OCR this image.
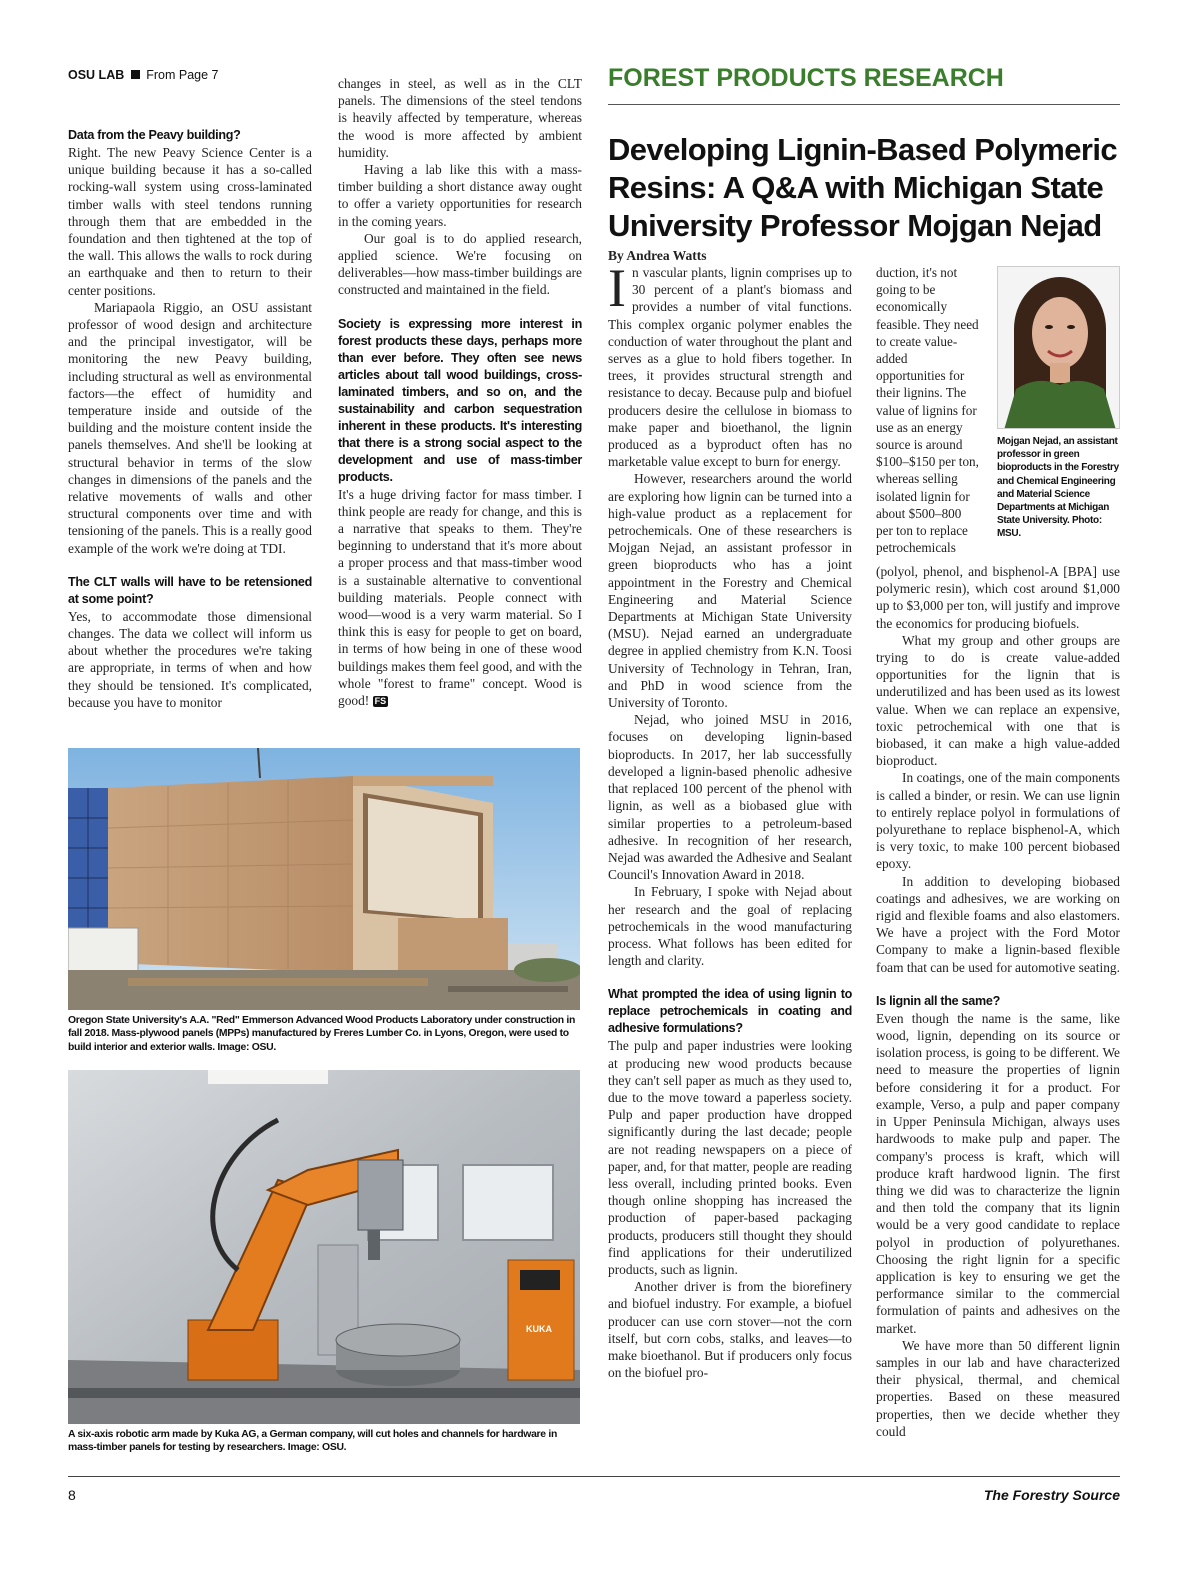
OSU LAB From Page 7
Data from the Peavy building?

Right. The new Peavy Science Center is a unique building because it has a so-called rocking-wall system using cross-laminated timber walls with steel tendons running through them that are embedded in the foundation and then tightened at the top of the wall. This allows the walls to rock during an earthquake and then to return to their center positions.

Mariapaola Riggio, an OSU assistant professor of wood design and architecture and the principal investigator, will be monitoring the new Peavy building, including structural as well as environmental factors—the effect of humidity and temperature inside and outside of the building and the moisture content inside the panels themselves. And she'll be looking at structural behavior in terms of the slow changes in dimensions of the panels and the relative movements of walls and other structural components over time and with tensioning of the panels. This is a really good example of the work we're doing at TDI.

The CLT walls will have to be retensioned at some point?

Yes, to accommodate those dimensional changes. The data we collect will inform us about whether the procedures we're taking are appropriate, in terms of when and how they should be tensioned. It's complicated, because you have to monitor

changes in steel, as well as in the CLT panels. The dimensions of the steel tendons is heavily affected by temperature, whereas the wood is more affected by ambient humidity.

Having a lab like this with a mass-timber building a short distance away ought to offer a variety opportunities for research in the coming years.

Our goal is to do applied research, applied science. We're focusing on deliverables—how mass-timber buildings are constructed and maintained in the field.

Society is expressing more interest in forest products these days, perhaps more than ever before. They often see news articles about tall wood buildings, cross-laminated timbers, and so on, and the sustainability and carbon sequestration inherent in these products. It's interesting that there is a strong social aspect to the development and use of mass-timber products.

It's a huge driving factor for mass timber. I think people are ready for change, and this is a narrative that speaks to them. They're beginning to understand that it's more about a proper process and that mass-timber wood is a sustainable alternative to conventional building materials. People connect with wood—wood is a very warm material. So I think this is easy for people to get on board, in terms of how being in one of these wood buildings makes them feel good, and with the whole "forest to frame" concept. Wood is good! FS

Oregon State University's A.A. "Red" Emmerson Advanced Wood Products Laboratory under construction in fall 2018. Mass-plywood panels (MPPs) manufactured by Freres Lumber Co. in Lyons, Oregon, were used to build interior and exterior walls. Image: OSU.
KUKA
A six-axis robotic arm made by Kuka AG, a German company, will cut holes and channels for hardware in mass-timber panels for testing by researchers. Image: OSU.
FOREST PRODUCTS RESEARCH
Developing Lignin-Based Polymeric Resins: A Q&A with Michigan State University Professor Mojgan Nejad
By Andrea Watts

In vascular plants, lignin comprises up to 30 percent of a plant's biomass and provides a number of vital functions. This complex organic polymer enables the conduction of water throughout the plant and serves as a glue to hold fibers together. In trees, it provides structural strength and resistance to decay. Because pulp and biofuel producers desire the cellulose in biomass to make paper and bioethanol, the lignin produced as a byproduct often has no marketable value except to burn for energy.

However, researchers around the world are exploring how lignin can be turned into a high-value product as a replacement for petrochemicals. One of these researchers is Mojgan Nejad, an assistant professor in green bioproducts who has a joint appointment in the Forestry and Chemical Engineering and Material Science Departments at Michigan State University (MSU). Nejad earned an undergraduate degree in applied chemistry from K.N. Toosi University of Technology in Tehran, Iran, and PhD in wood science from the University of Toronto.

Nejad, who joined MSU in 2016, focuses on developing lignin-based bioproducts. In 2017, her lab successfully developed a lignin-based phenolic adhesive that replaced 100 percent of the phenol with lignin, as well as a biobased glue with similar properties to a petroleum-based adhesive. In recognition of her research, Nejad was awarded the Adhesive and Sealant Council's Innovation Award in 2018.

In February, I spoke with Nejad about her research and the goal of replacing petrochemicals in the wood manufacturing process. What follows has been edited for length and clarity.

What prompted the idea of using lignin to replace petrochemicals in coating and adhesive formulations?

The pulp and paper industries were looking at producing new wood products because they can't sell paper as much as they used to, due to the move toward a paperless society. Pulp and paper production have dropped significantly during the last decade; people are not reading newspapers on a piece of paper, and, for that matter, people are reading less overall, including printed books. Even though online shopping has increased the production of paper-based packaging products, producers still thought they should find applications for their underutilized products, such as lignin.

Another driver is from the biorefinery and biofuel industry. For example, a biofuel producer can use corn stover—not the corn itself, but corn cobs, stalks, and leaves—to make bioethanol. But if producers only focus on the biofuel pro-

duction, it's not going to be economically feasible. They need to create value-added opportunities for their lignins. The value of lignins for use as an energy source is around $100–$150 per ton, whereas selling isolated lignin for about $500–800 per ton to replace petrochemicals

Mojgan Nejad, an assistant professor in green bioproducts in the Forestry and Chemical Engineering and Material Science Departments at Michigan State University. Photo: MSU.

(polyol, phenol, and bisphenol-A [BPA] use polymeric resin), which cost around $1,000 up to $3,000 per ton, will justify and improve the economics for producing biofuels.

What my group and other groups are trying to do is create value-added opportunities for the lignin that is underutilized and has been used as its lowest value. When we can replace an expensive, toxic petrochemical with one that is biobased, it can make a high value-added bioproduct.

In coatings, one of the main components is called a binder, or resin. We can use lignin to entirely replace polyol in formulations of polyurethane to replace bisphenol-A, which is very toxic, to make 100 percent biobased epoxy.

In addition to developing biobased coatings and adhesives, we are working on rigid and flexible foams and also elastomers. We have a project with the Ford Motor Company to make a lignin-based flexible foam that can be used for automotive seating.

Is lignin all the same?

Even though the name is the same, like wood, lignin, depending on its source or isolation process, is going to be different. We need to measure the properties of lignin before considering it for a product. For example, Verso, a pulp and paper company in Upper Peninsula Michigan, always uses hardwoods to make pulp and paper. The company's process is kraft, which will produce kraft hardwood lignin. The first thing we did was to characterize the lignin and then told the company that its lignin would be a very good candidate to replace polyol in production of polyurethanes. Choosing the right lignin for a specific application is key to ensuring we get the performance similar to the commercial formulation of paints and adhesives on the market.

We have more than 50 different lignin samples in our lab and have characterized their physical, thermal, and chemical properties. Based on these measured properties, then we decide whether they could

8	The Forestry Source
